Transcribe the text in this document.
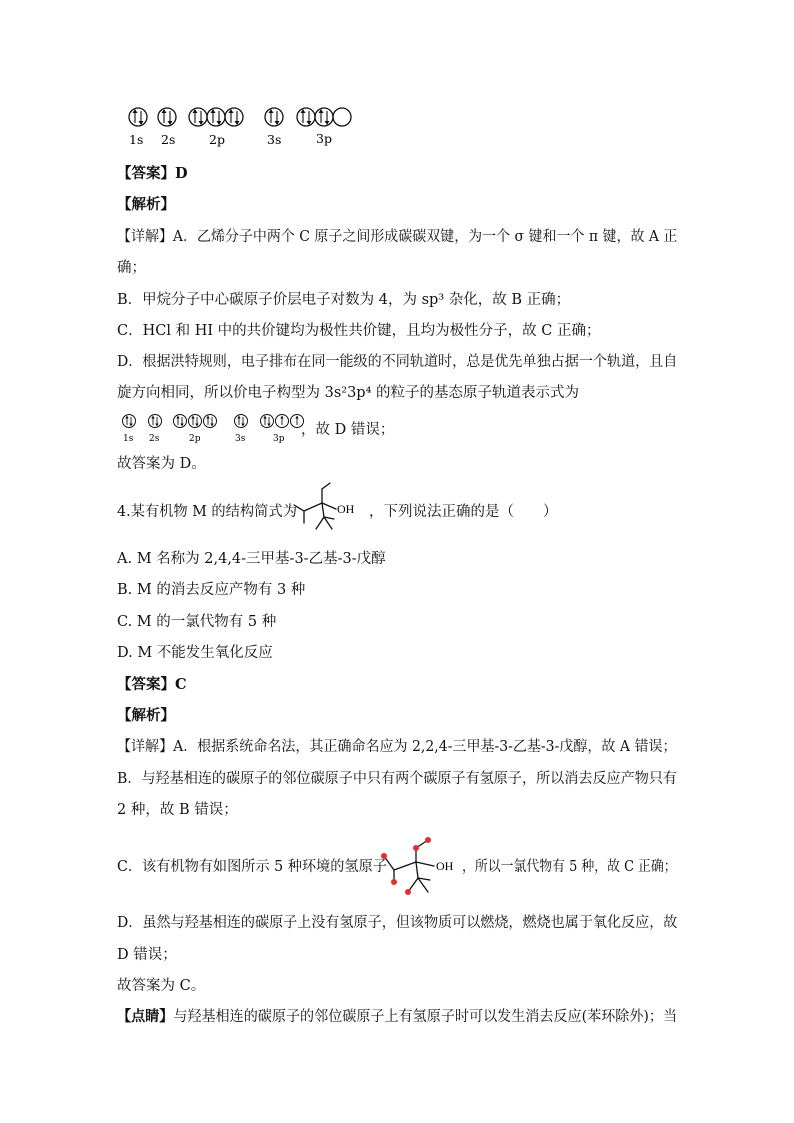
1s 2s	2p	3s	3p
【答案】D
【解析】
【详解】A．乙烯分子中两个 C 原子之间形成碳碳双键，为一个 σ 键和一个 π 键，故 A 正
确；
B．甲烷分子中心碳原子价层电子对数为 4，为 sp³ 杂化，故 B 正确；
C．HCl 和 HI 中的共价键均为极性共价键，且均为极性分子，故 C 正确；
D．根据洪特规则，电子排布在同一能级的不同轨道时，总是优先单独占据一个轨道，且自
旋方向相同，所以价电子构型为 3s²3p⁴ 的粒子的基态原子轨道表示式为
1s 2s	2p	3s	3p
，故 D 错误；
故答案为 D。
4.某有机物 M 的结构简式为	OH ，下列说法正确的是（　　）
A. M 名称为 2,4,4-三甲基-3-乙基-3-戊醇
B. M 的消去反应产物有 3 种
C. M 的一氯代物有 5 种
D. M 不能发生氧化反应
【答案】C
【解析】
【详解】A．根据系统命名法，其正确命名应为 2,2,4-三甲基-3-乙基-3-戊醇，故 A 错误；
B．与羟基相连的碳原子的邻位碳原子中只有两个碳原子有氢原子，所以消去反应产物只有
2 种，故 B 错误；
C．该有机物有如图所示 5 种环境的氢原子	OH ，所以一氯代物有 5 种，故 C 正确；
D．虽然与羟基相连的碳原子上没有氢原子，但该物质可以燃烧，燃烧也属于氧化反应，故
D 错误；
故答案为 C。
【点睛】与羟基相连的碳原子的邻位碳原子上有氢原子时可以发生消去反应(苯环除外)；当
